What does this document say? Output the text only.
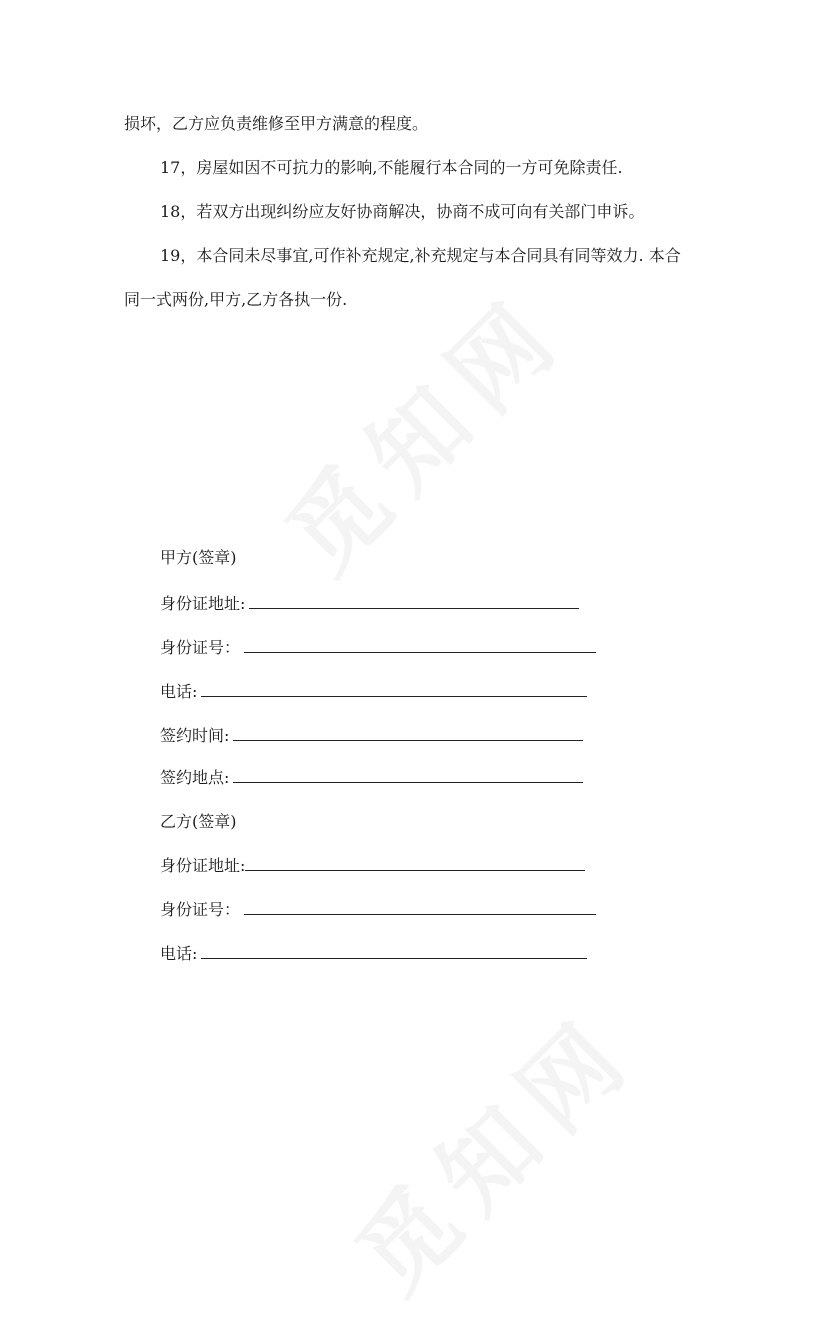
损坏，乙方应负责维修至甲方满意的程度。
17，房屋如因不可抗力的影响,不能履行本合同的一方可免除责任.
18，若双方出现纠纷应友好协商解决，协商不成可向有关部门申诉。
19，本合同未尽事宜,可作补充规定,补充规定与本合同具有同等效力. 本合
同一式两份,甲方,乙方各执一份.
甲方(签章)
身份证地址:
身份证号：
电话:
签约时间:
签约地点:
乙方(签章)
身份证地址:
身份证号：
电话:
